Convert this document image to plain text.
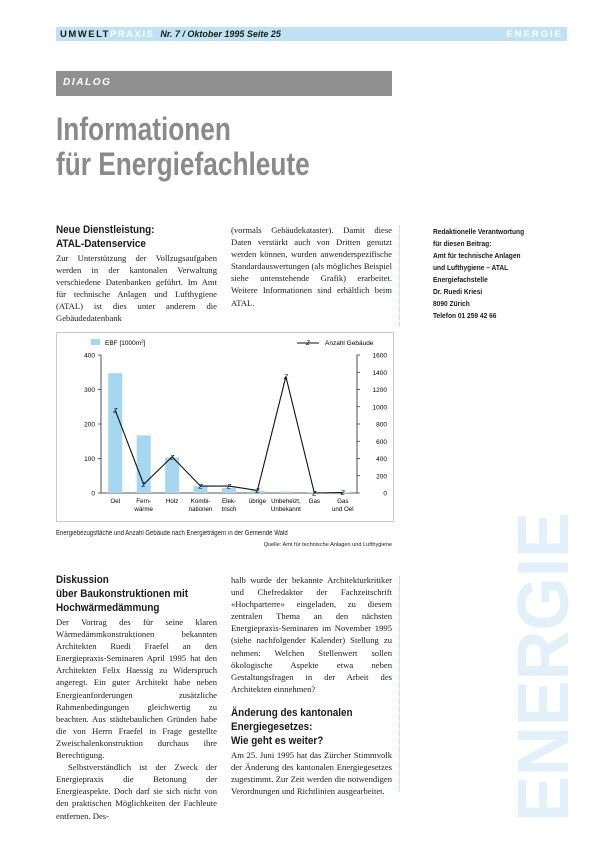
UMWELTPRAXIS Nr. 7 / Oktober 1995 Seite 25	ENERGIE
DIALOG
Informationen
für Energiefachleute
Neue Dienstleistung:
ATAL-Datenservice

Zur Unterstützung der Vollzugsaufgaben werden in der kantonalen Verwaltung verschiedene Datenbanken geführt. Im Amt für technische Anlagen und Lufthygiene (ATAL) ist dies unter anderem die Gebäudedatenbank

(vormals Gebäudekataster). Damit diese Daten verstärkt auch von Dritten genutzt werden können, wurden anwenderspezifische Standardauswertungen (als mögliches Beispiel siehe untenstehende Grafik) erarbeitet. Weitere Informationen sind erhältlich beim ATAL.

Redaktionelle Verantwortung
für diesen Beitrag:
Amt für technische Anlagen
und Lufthygiene – ATAL
Energiefachstelle
Dr. Ruedi Kriesi
8090 Zürich
Telefon 01 259 42 66
0
100
200
300
400
0
200
400
600
800
1000
1200
1400
1600
Z
Z
Z
Z	Z
Z
Z
Z	Z
Oel	Fern-
wärme
Holz Kombi-
nationen
Elek-
trisch
übrige Unbeheizt,
Unbekannt
Gas	Gas
und Oel
EBF $[1000m^2]$	Z Anzahl Gebäude
Energiebezugsfläche und Anzahl Gebäude nach Energieträgern in der Gemeinde Wald
Quelle: Amt für technische Anlagen und Lufthygiene
Diskussion
über Baukonstruktionen mit
Hochwärmedämmung

Der Vortrag des für seine klaren Wärmedämmkonstruktionen bekannten Architekten Ruedi Fraefel an den Energiepraxis-Seminaren April 1995 hat den Architekten Felix Haessig zu Widerspruch angeregt. Ein guter Architekt habe neben Energieanforderungen zusätzliche Rahmenbedingungen gleichwertig zu beachten. Aus städtebaulichen Gründen habe die von Herrn Fraefel in Frage gestellte Zweischalenkonstruktion durchaus ihre Berechtigung.

Selbstverständlich ist der Zweck der Energiepraxis die Betonung der Energieaspekte. Doch darf sie sich nicht von den praktischen Möglichkeiten der Fachleute entfernen. Des-

halb wurde der bekannte Architekturkritiker und Chefredaktor der Fachzeitschrift «Hochparterre» eingeladen, zu diesem zentralen Thema an den nächsten Energiepraxis-Seminaren im November 1995 (siehe nachfolgender Kalender) Stellung zu nehmen: Welchen Stellenwert sollen ökologische Aspekte etwa neben Gestaltungsfragen in der Arbeit des Architekten einnehmen?

Änderung des kantonalen
Energiegesetzes:
Wie geht es weiter?

Am 25. Juni 1995 hat das Zürcher Stimmvolk der Änderung des kantonalen Energiegesetzes zugestimmt. Zur Zeit werden die notwendigen Verordnungen und Richtlinien ausgearbeitet. ENERGIE
